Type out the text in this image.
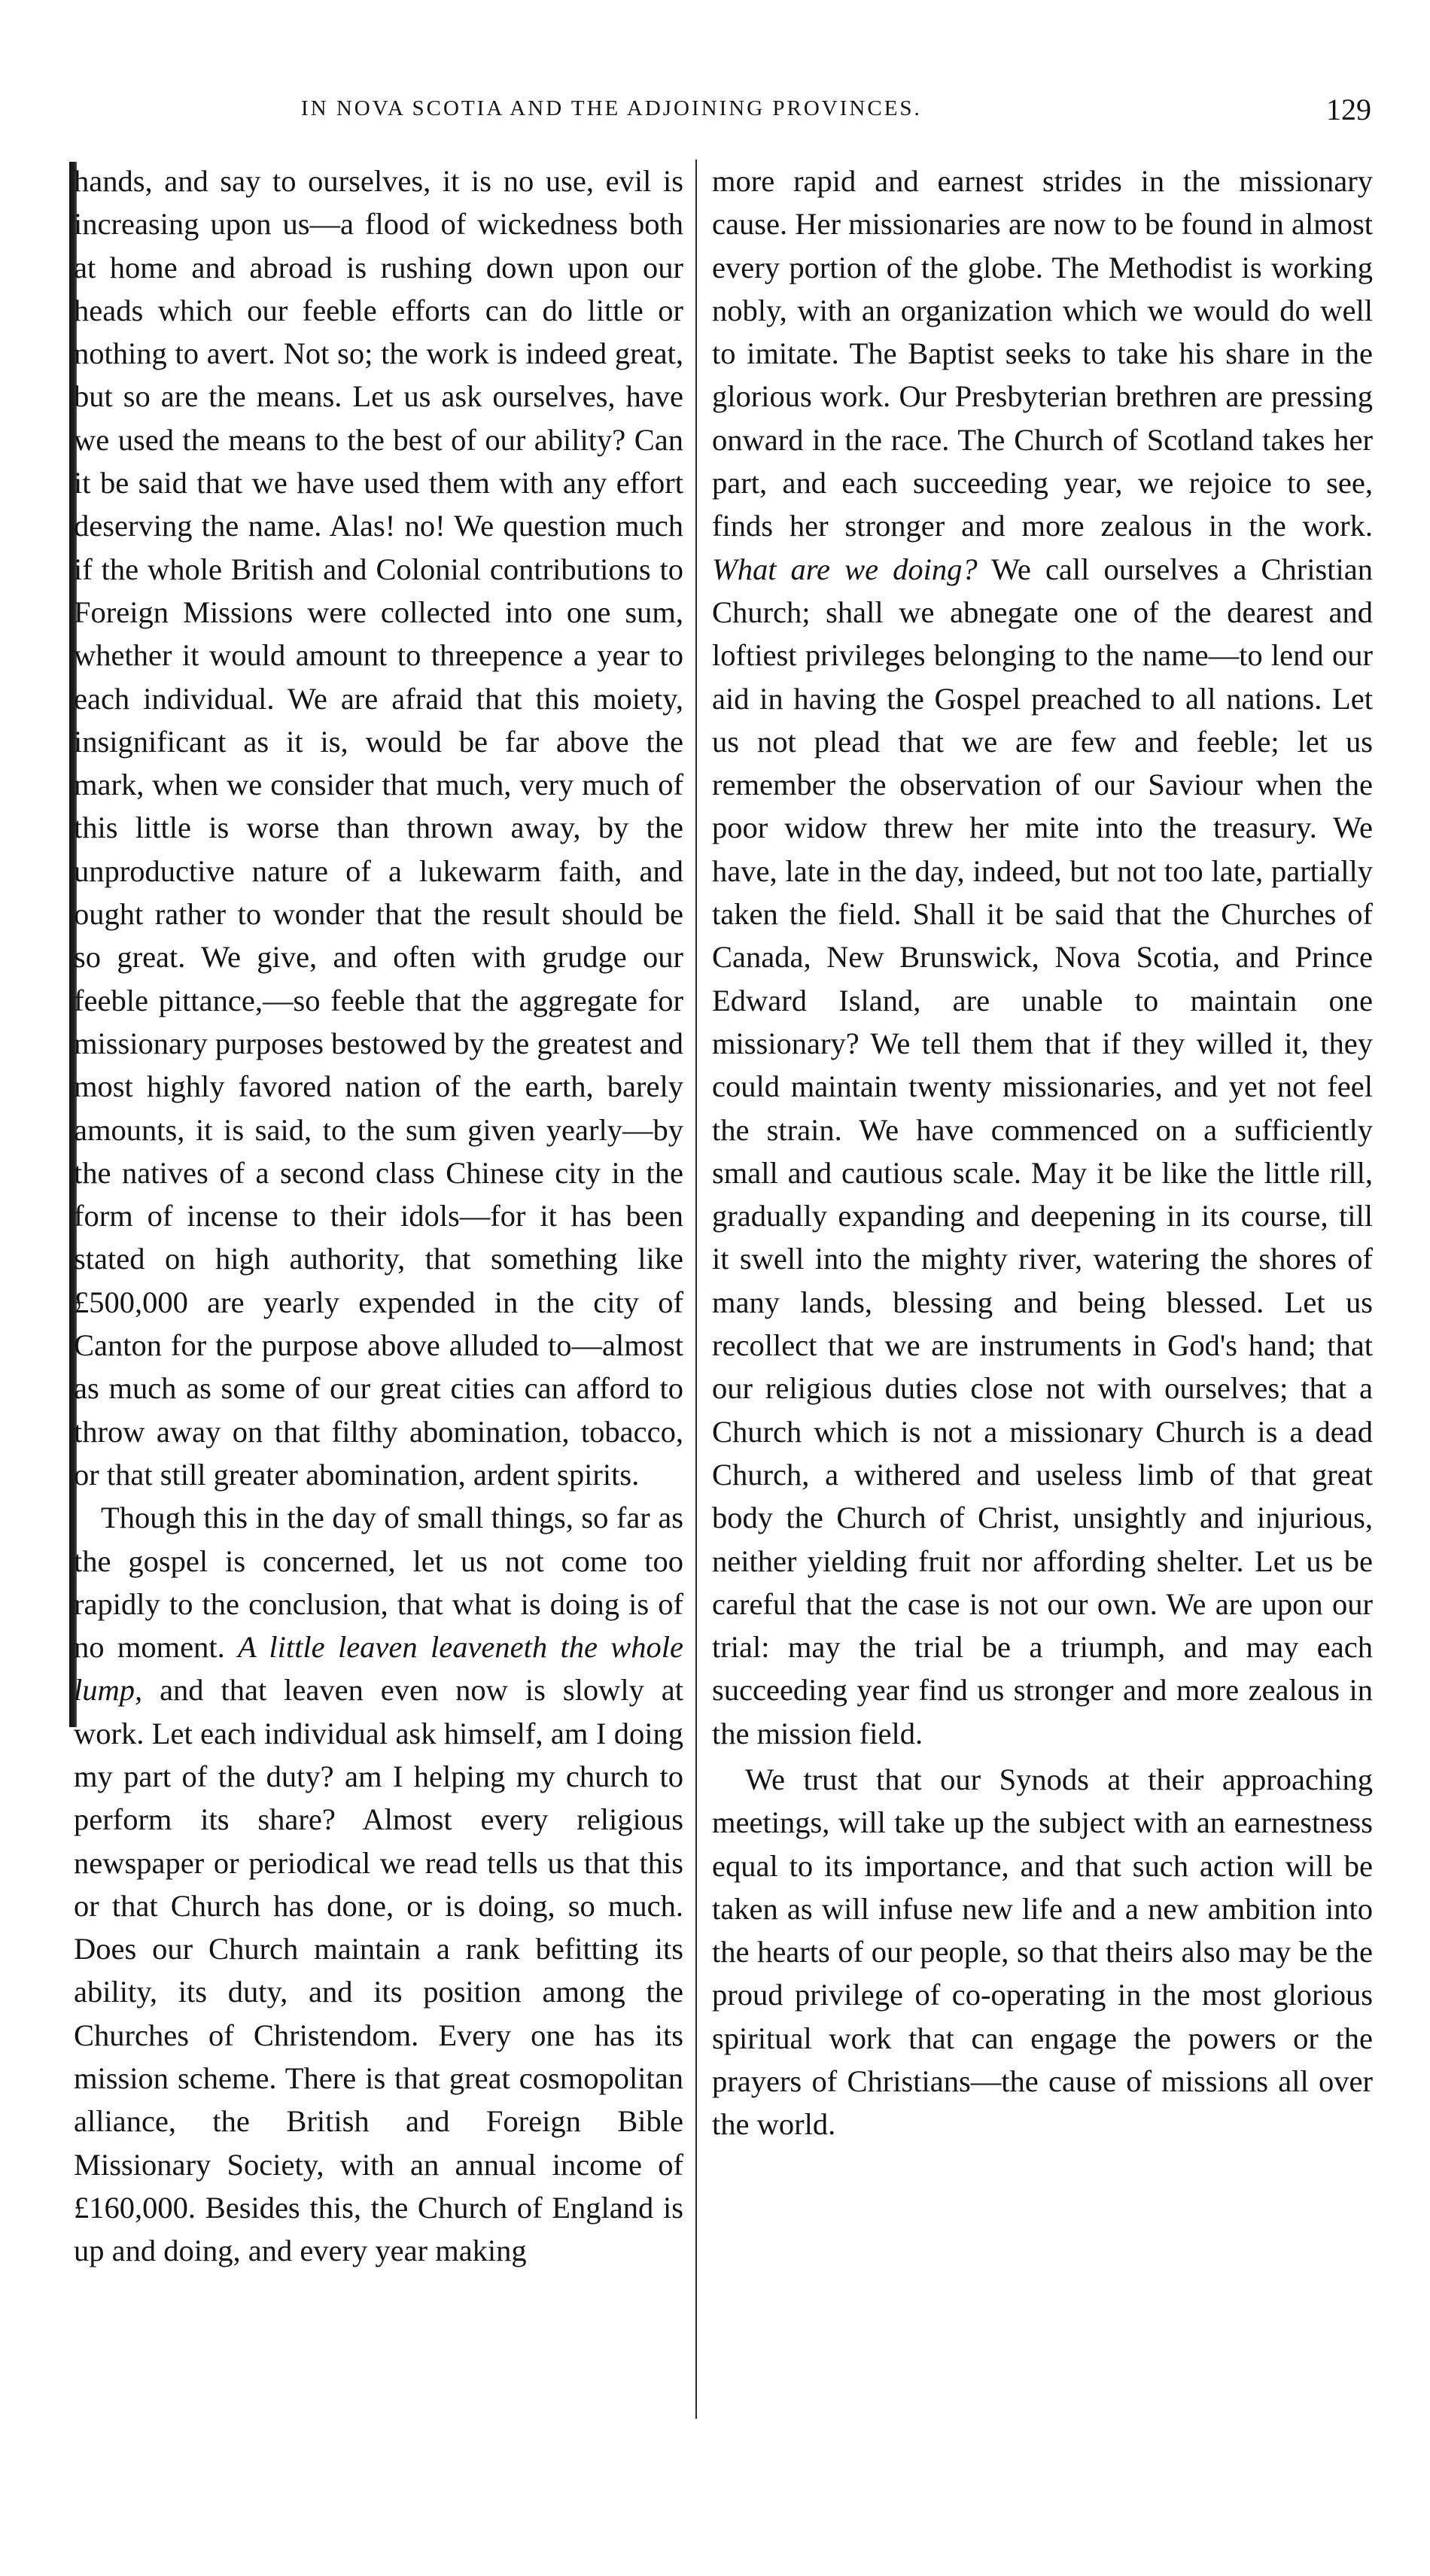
IN NOVA SCOTIA AND THE ADJOINING PROVINCES.	129

hands, and say to ourselves, it is no use, evil is increasing upon us—a flood of wickedness both at home and abroad is rushing down upon our heads which our feeble efforts can do little or nothing to avert. Not so; the work is indeed great, but so are the means. Let us ask ourselves, have we used the means to the best of our ability? Can it be said that we have used them with any effort deserving the name. Alas! no! We question much if the whole British and Colonial contributions to Foreign Missions were collected into one sum, whether it would amount to threepence a year to each individual. We are afraid that this moiety, insignificant as it is, would be far above the mark, when we consider that much, very much of this little is worse than thrown away, by the unproductive nature of a lukewarm faith, and ought rather to wonder that the result should be so great. We give, and often with grudge our feeble pittance,—so feeble that the aggregate for missionary purposes bestowed by the greatest and most highly favored nation of the earth, barely amounts, it is said, to the sum given yearly—by the natives of a second class Chinese city in the form of incense to their idols—for it has been stated on high authority, that something like £500,000 are yearly expended in the city of Canton for the purpose above alluded to—almost as much as some of our great cities can afford to throw away on that filthy abomination, tobacco, or that still greater abomination, ardent spirits.

Though this in the day of small things, so far as the gospel is concerned, let us not come too rapidly to the conclusion, that what is doing is of no moment. A little leaven leaveneth the whole lump, and that leaven even now is slowly at work. Let each individual ask himself, am I doing my part of the duty? am I helping my church to perform its share? Almost every religious newspaper or periodical we read tells us that this or that Church has done, or is doing, so much. Does our Church maintain a rank befitting its ability, its duty, and its position among the Churches of Christendom. Every one has its mission scheme. There is that great cosmopolitan alliance, the British and Foreign Bible Missionary Society, with an annual income of £160,000. Besides this, the Church of England is up and doing, and every year making

more rapid and earnest strides in the missionary cause. Her missionaries are now to be found in almost every portion of the globe. The Methodist is working nobly, with an organization which we would do well to imitate. The Baptist seeks to take his share in the glorious work. Our Presbyterian brethren are pressing onward in the race. The Church of Scotland takes her part, and each succeeding year, we rejoice to see, finds her stronger and more zealous in the work. What are we doing? We call ourselves a Christian Church; shall we abnegate one of the dearest and loftiest privileges belonging to the name—to lend our aid in having the Gospel preached to all nations. Let us not plead that we are few and feeble; let us remember the observation of our Saviour when the poor widow threw her mite into the treasury. We have, late in the day, indeed, but not too late, partially taken the field. Shall it be said that the Churches of Canada, New Brunswick, Nova Scotia, and Prince Edward Island, are unable to maintain one missionary? We tell them that if they willed it, they could maintain twenty missionaries, and yet not feel the strain. We have commenced on a sufficiently small and cautious scale. May it be like the little rill, gradually expanding and deepening in its course, till it swell into the mighty river, watering the shores of many lands, blessing and being blessed. Let us recollect that we are instruments in God's hand; that our religious duties close not with ourselves; that a Church which is not a missionary Church is a dead Church, a withered and useless limb of that great body the Church of Christ, unsightly and injurious, neither yielding fruit nor affording shelter. Let us be careful that the case is not our own. We are upon our trial: may the trial be a triumph, and may each succeeding year find us stronger and more zealous in the mission field.

We trust that our Synods at their approaching meetings, will take up the subject with an earnestness equal to its importance, and that such action will be taken as will infuse new life and a new ambition into the hearts of our people, so that theirs also may be the proud privilege of co-operating in the most glorious spiritual work that can engage the powers or the prayers of Christians—the cause of missions all over the world.
